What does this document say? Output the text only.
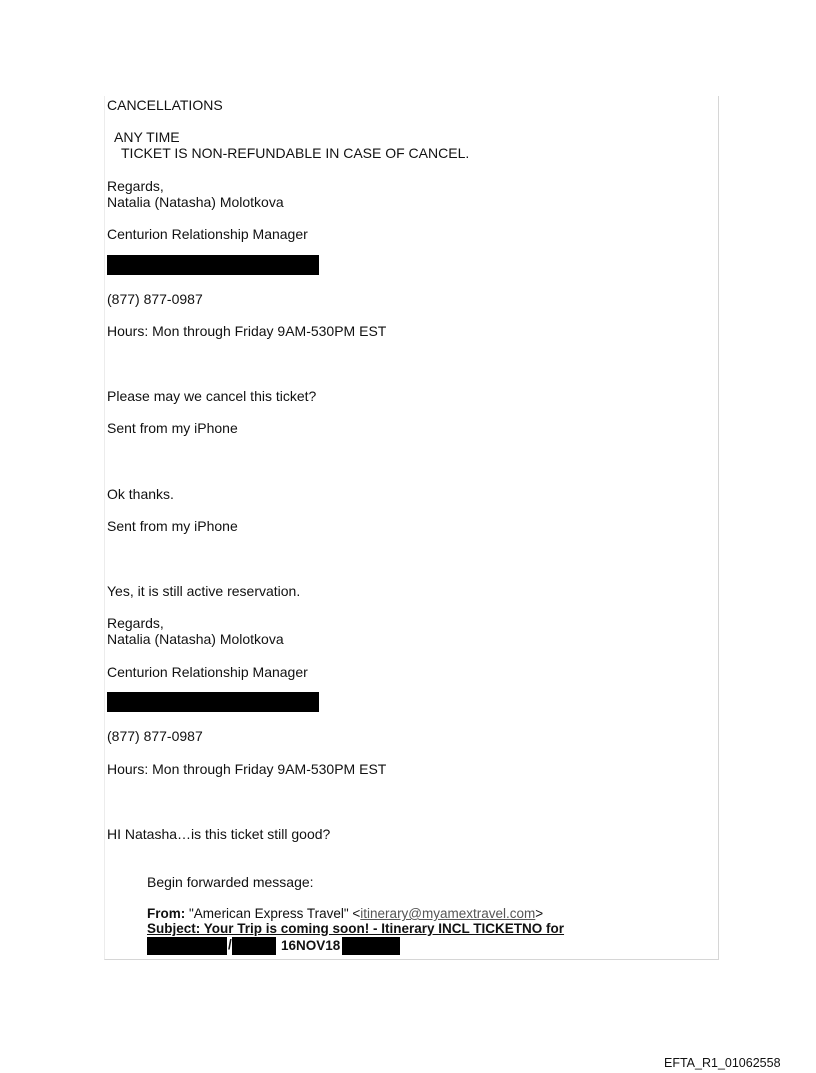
CANCELLATIONS
ANY TIME
TICKET IS NON-REFUNDABLE IN CASE OF CANCEL.
Regards,
Natalia (Natasha) Molotkova
Centurion Relationship Manager
(877) 877-0987
Hours: Mon through Friday 9AM-530PM EST
Please may we cancel this ticket?
Sent from my iPhone
Ok thanks.
Sent from my iPhone
Yes, it is still active reservation.
Regards,
Natalia (Natasha) Molotkova
Centurion Relationship Manager
(877) 877-0987
Hours: Mon through Friday 9AM-530PM EST
HI Natasha…is this ticket still good?
Begin forwarded message:
From: "American Express Travel" <itinerary@myamextravel.com>
Subject: Your Trip is coming soon! - Itinerary INCL TICKETNO for
/	16NOV18
EFTA_R1_01062558
